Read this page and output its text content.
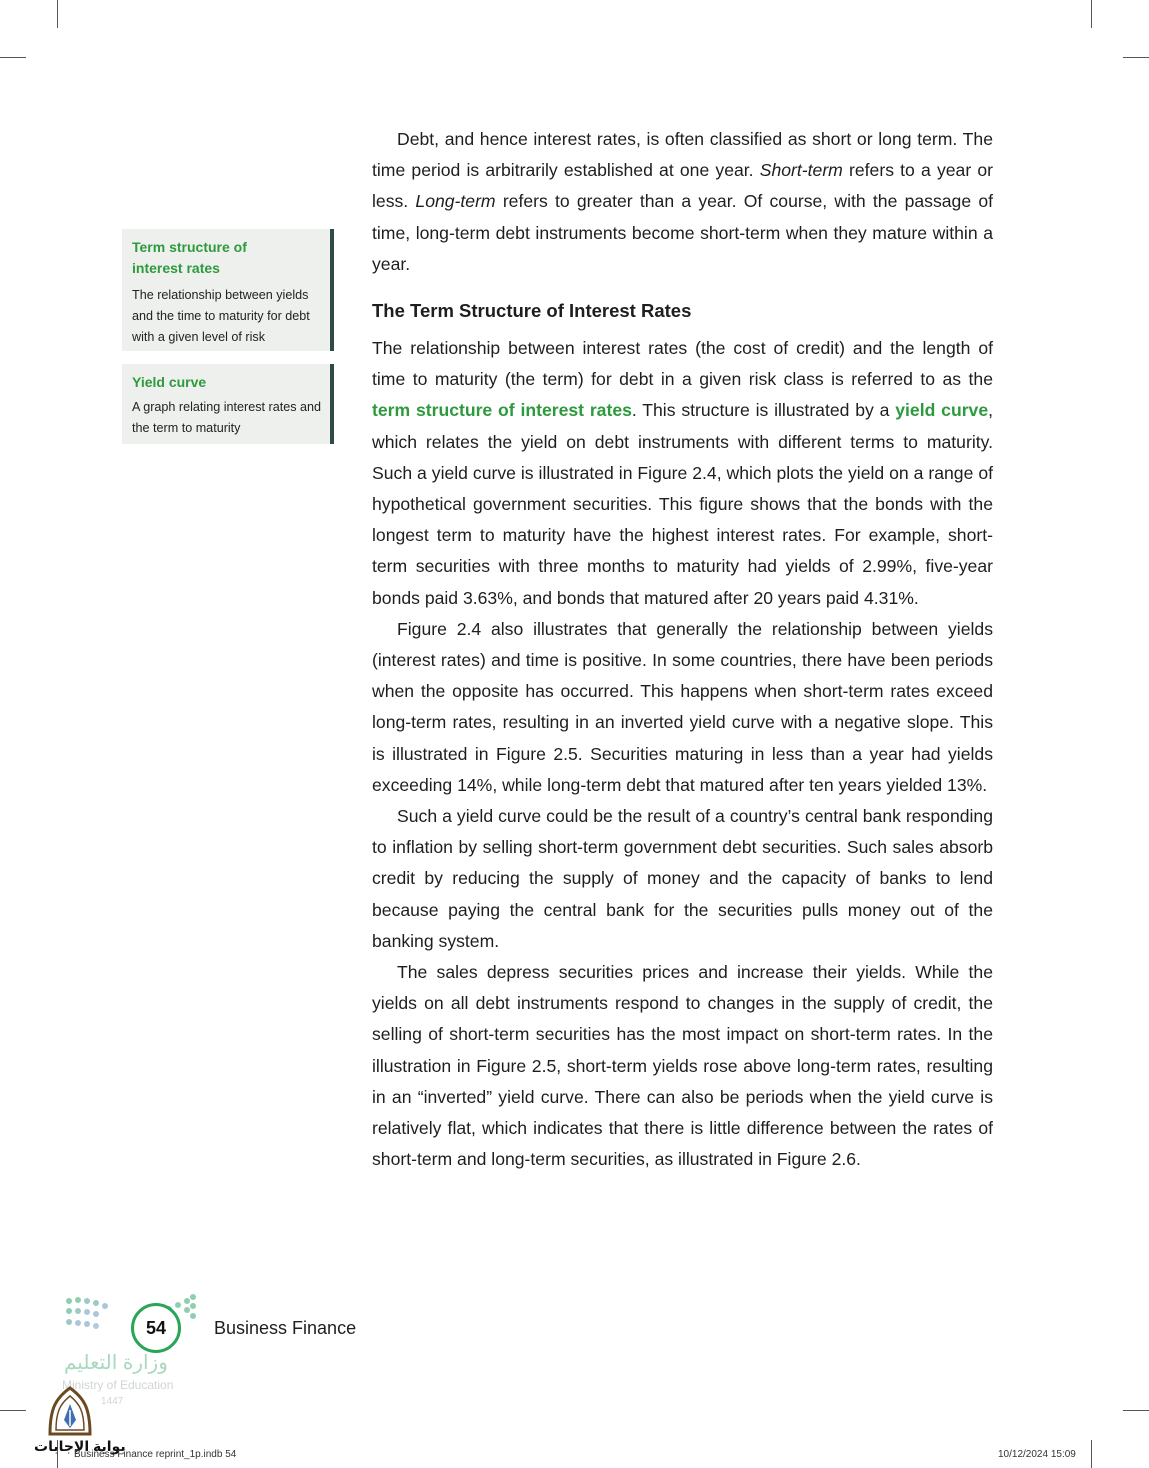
Term structure of interest rates
The relationship between yields and the time to maturity for debt with a given level of risk
Yield curve
A graph relating interest rates and the term to maturity

Debt, and hence interest rates, is often classified as short or long term. The time period is arbitrarily established at one year. Short-term refers to a year or less. Long-term refers to greater than a year. Of course, with the passage of time, long-term debt instruments become short-term when they mature within a year.

The Term Structure of Interest Rates

The relationship between interest rates (the cost of credit) and the length of time to maturity (the term) for debt in a given risk class is referred to as the term structure of interest rates. This structure is illustrated by a yield curve, which relates the yield on debt instruments with different terms to maturity. Such a yield curve is illustrated in Figure 2.4, which plots the yield on a range of hypothetical government securities. This figure shows that the bonds with the longest term to maturity have the highest interest rates. For example, short-term securities with three months to maturity had yields of 2.99%, five-year bonds paid 3.63%, and bonds that matured after 20 years paid 4.31%.

Figure 2.4 also illustrates that generally the relationship between yields (interest rates) and time is positive. In some countries, there have been periods when the opposite has occurred. This happens when short-term rates exceed long-term rates, resulting in an inverted yield curve with a negative slope. This is illustrated in Figure 2.5. Securities maturing in less than a year had yields exceeding 14%, while long-term debt that matured after ten years yielded 13%.

Such a yield curve could be the result of a country’s central bank responding to inflation by selling short-term government debt securities. Such sales absorb credit by reducing the supply of money and the capacity of banks to lend because paying the central bank for the securities pulls money out of the banking system.

The sales depress securities prices and increase their yields. While the yields on all debt instruments respond to changes in the supply of credit, the selling of short-term securities has the most impact on short-term rates. In the illustration in Figure 2.5, short-term yields rose above long-term rates, resulting in an “inverted” yield curve. There can also be periods when the yield curve is relatively flat, which indicates that there is little difference between the rates of short-term and long-term securities, as illustrated in Figure 2.6.

54	Business Finance
وزارة التعليم
Ministry of Education
1447
بوابة الإجابات
Business Finance reprint_1p.indb 54	10/12/2024 15:09
